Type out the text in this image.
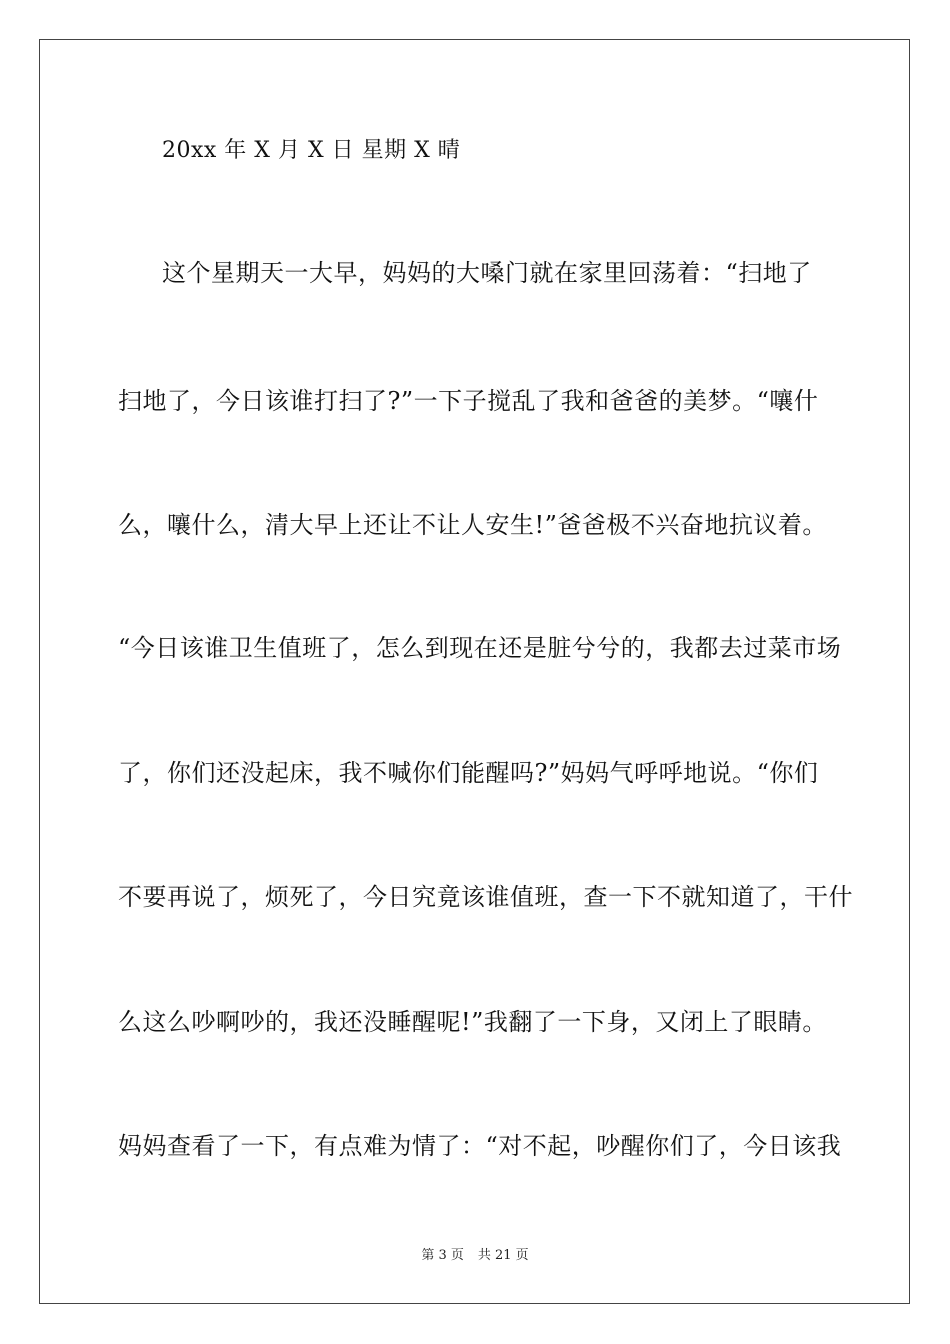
20xx 年 X 月 X 日 星期 X 晴
这个星期天一大早，妈妈的大嗓门就在家里回荡着：“扫地了
扫地了，今日该谁打扫了?”一下子搅乱了我和爸爸的美梦。“嚷什
么，嚷什么，清大早上还让不让人安生!”爸爸极不兴奋地抗议着。
“今日该谁卫生值班了，怎么到现在还是脏兮兮的，我都去过菜市场
了，你们还没起床，我不喊你们能醒吗?”妈妈气呼呼地说。“你们
不要再说了，烦死了，今日究竟该谁值班，查一下不就知道了，干什
么这么吵啊吵的，我还没睡醒呢!”我翻了一下身，又闭上了眼睛。
妈妈查看了一下，有点难为情了：“对不起，吵醒你们了，今日该我
第 3 页 共 21 页
